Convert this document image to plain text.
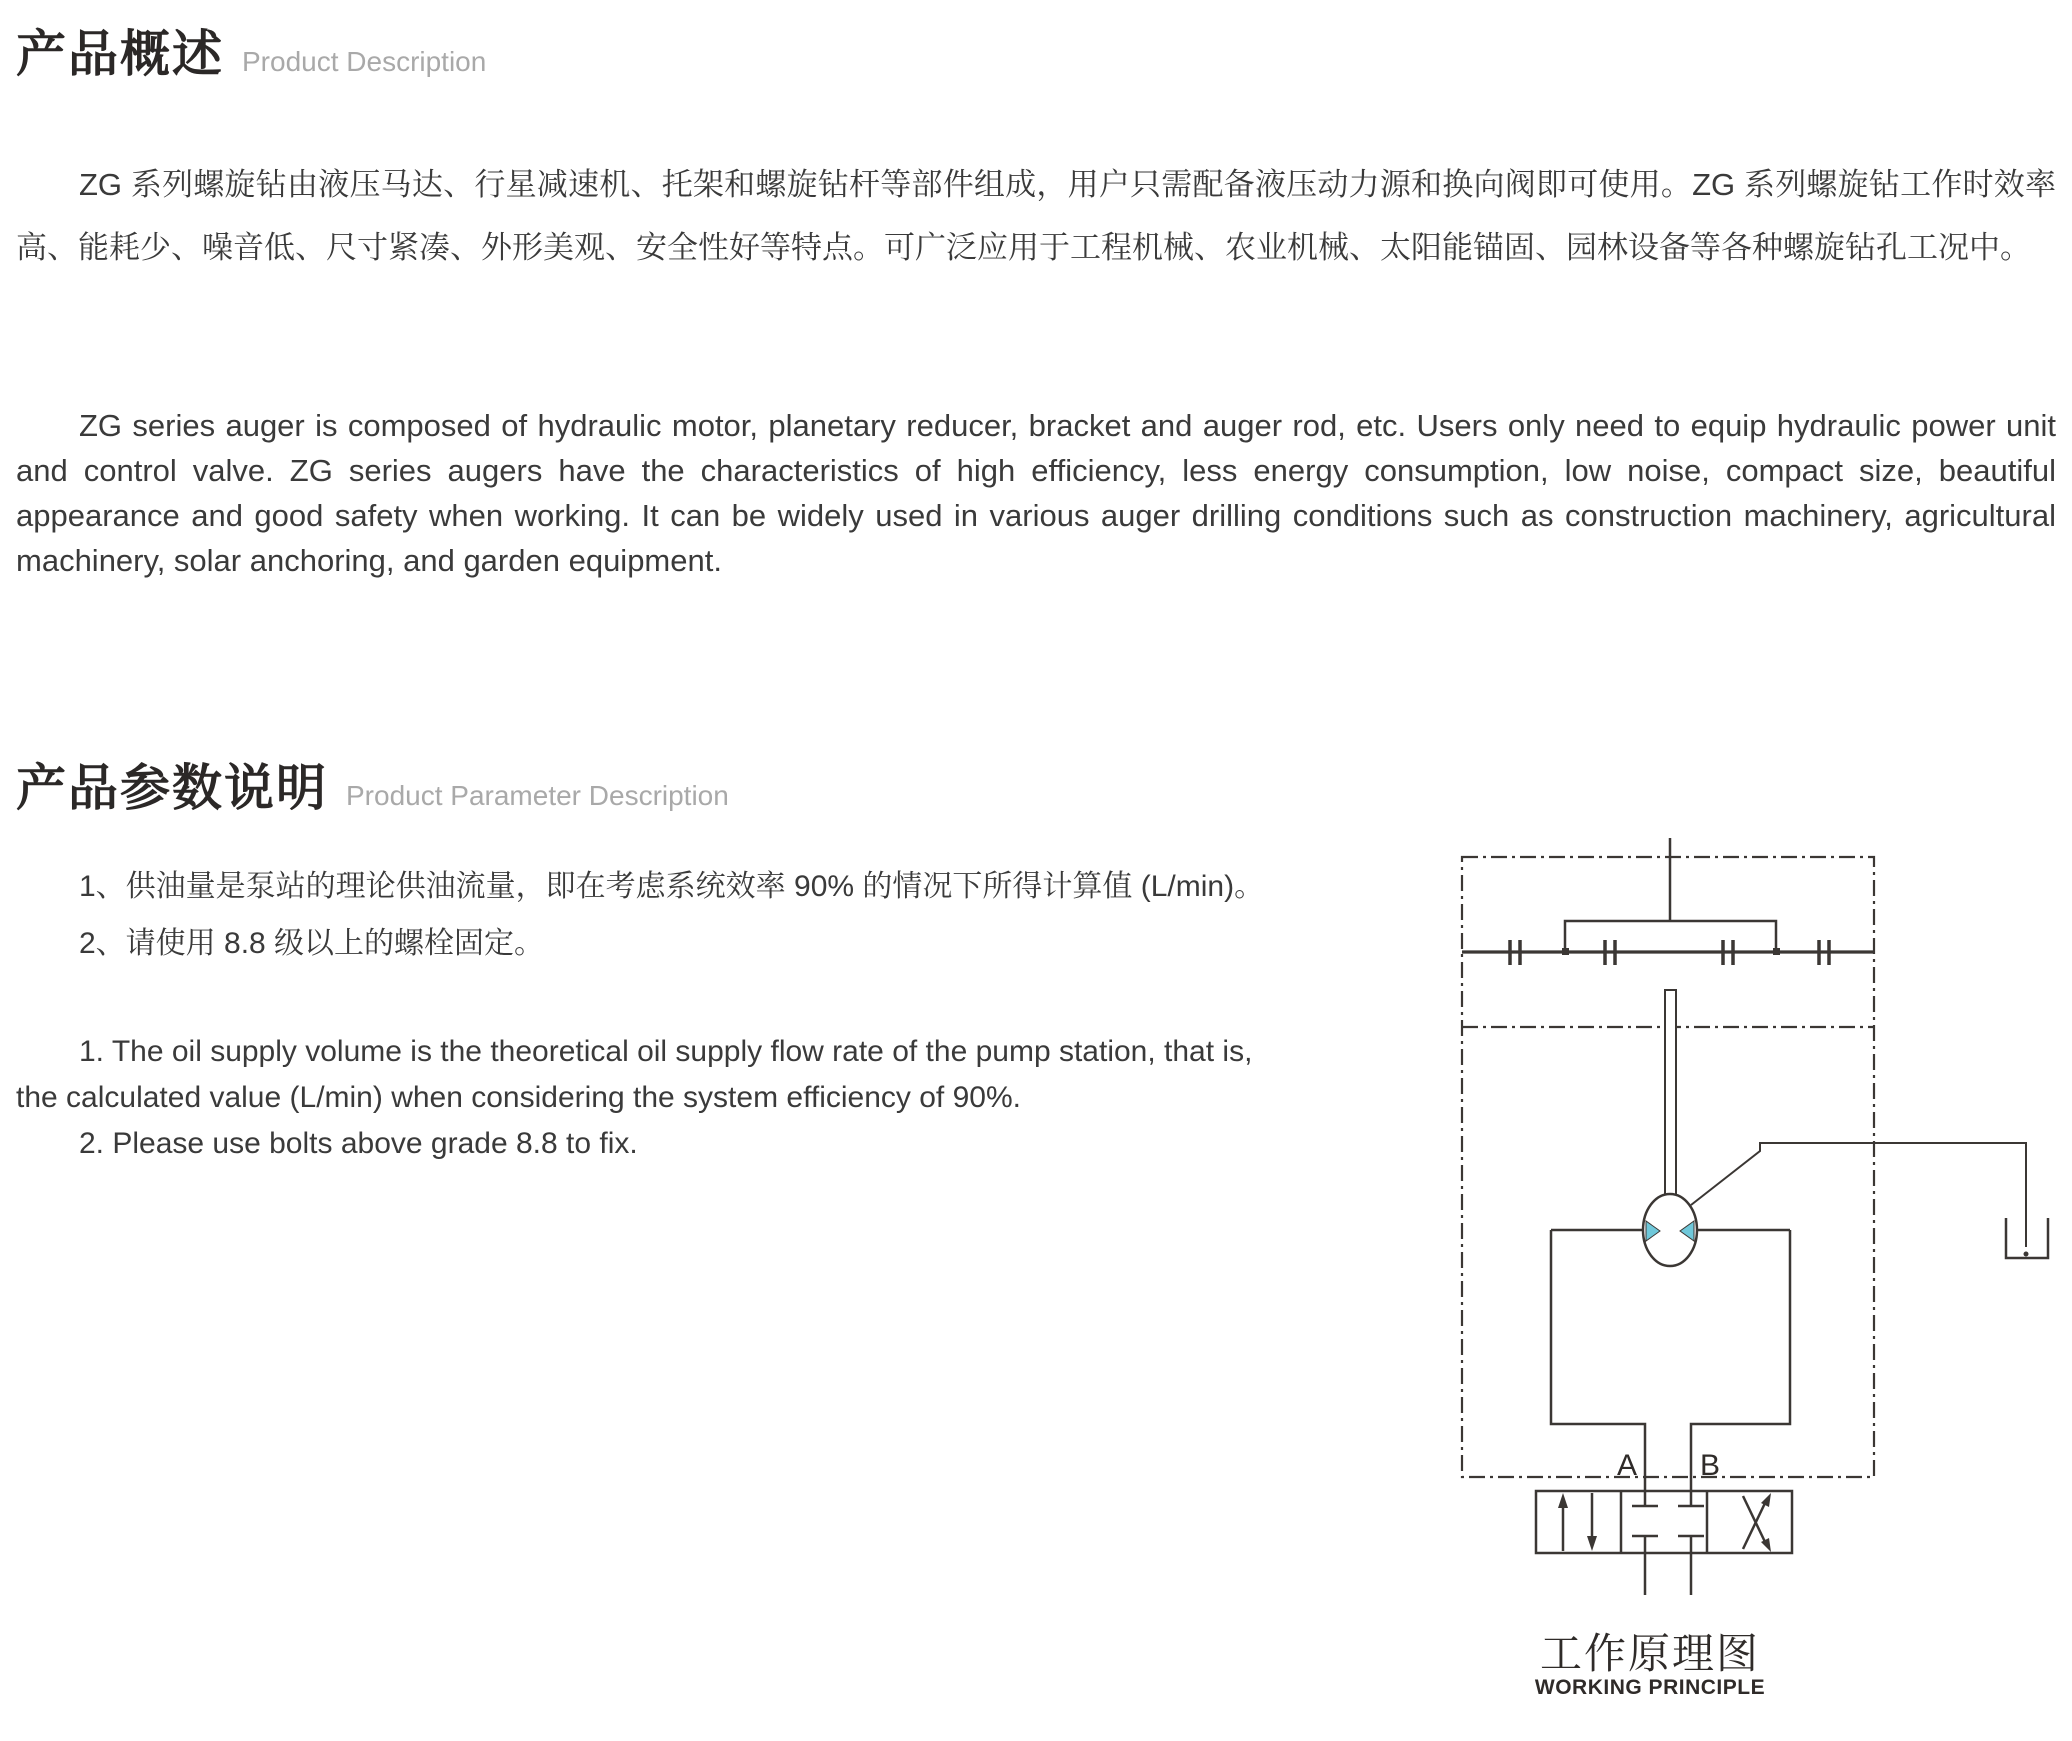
产品概述 Product Description

ZG 系列螺旋钻由液压马达、行星减速机、托架和螺旋钻杆等部件组成，用户只需配备液压动力源和换向阀即可使用。ZG 系列螺旋钻工作时效率高、能耗少、噪音低、尺寸紧凑、外形美观、安全性好等特点。可广泛应用于工程机械、农业机械、太阳能锚固、园林设备等各种螺旋钻孔工况中。

ZG series auger is composed of hydraulic motor, planetary reducer, bracket and auger rod, etc. Users only need to equip hydraulic power unit and control valve. ZG series augers have the characteristics of high efficiency, less energy consumption, low noise, compact size, beautiful appearance and good safety when working. It can be widely used in various auger drilling conditions such as construction machinery, agricultural machinery, solar anchoring, and garden equipment.

产品参数说明 Product Parameter Description

1、供油量是泵站的理论供油流量，即在考虑系统效率 90% 的情况下所得计算值 (L/min)。

2、请使用 8.8 级以上的螺栓固定。

1. The oil supply volume is the theoretical oil supply flow rate of the pump station, that is, the calculated value (L/min) when considering the system efficiency of 90%.

2. Please use bolts above grade 8.8 to fix.

A B
工作原理图
WORKING PRINCIPLE
